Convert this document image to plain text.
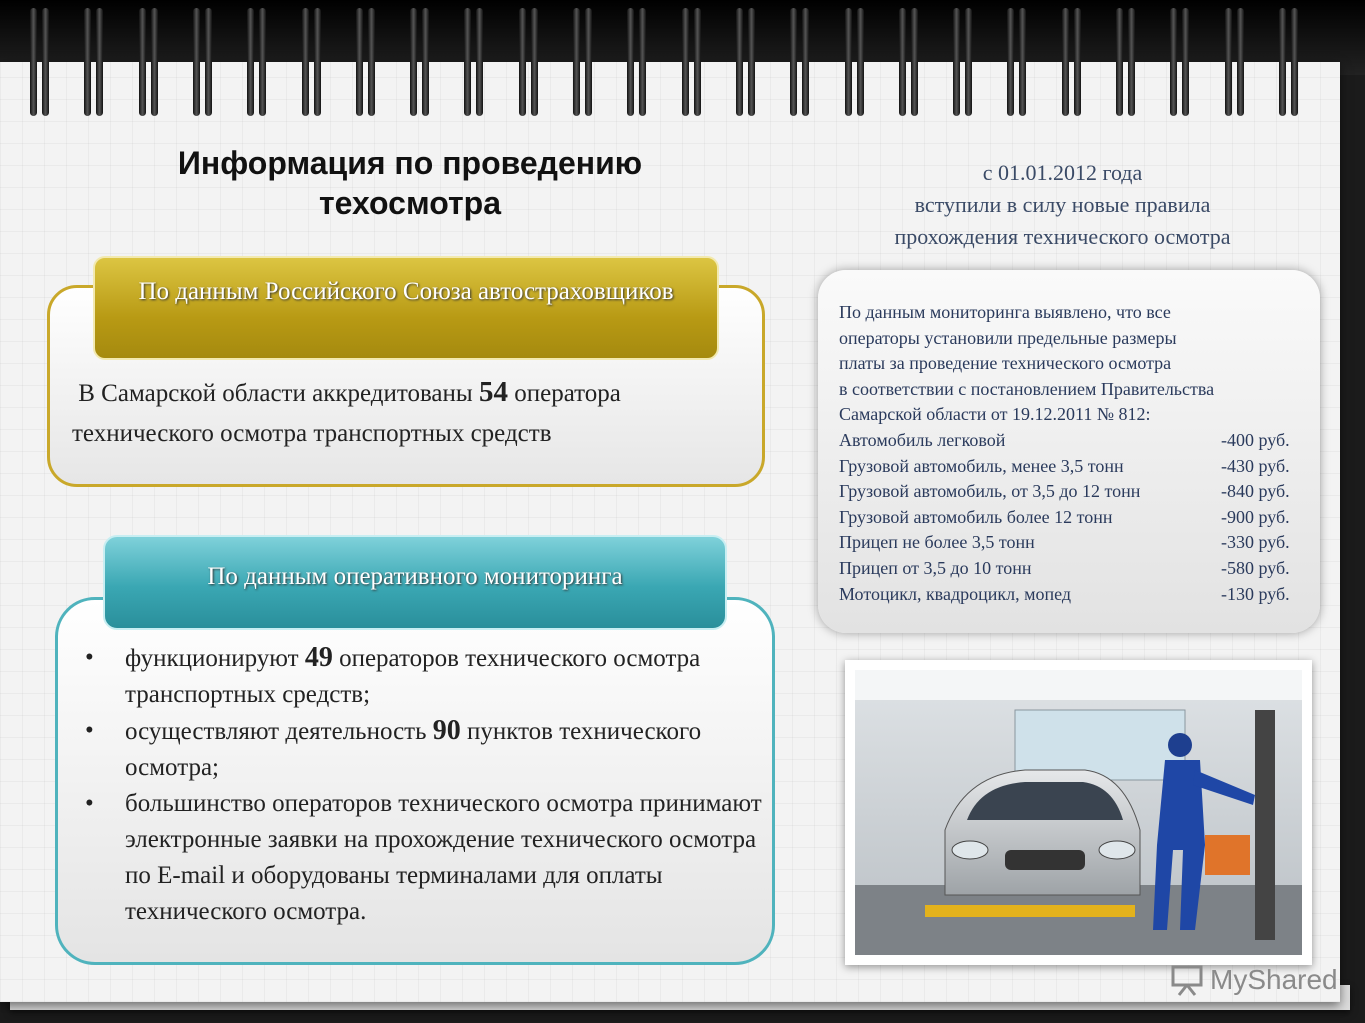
Информация по проведению техосмотра
с 01.01.2012 года
вступили в силу новые правила
прохождения технического осмотра
По данным Российского Союза автостраховщиков
В Самарской области аккредитованы 54 оператора технического осмотра транспортных средств
По данным оперативного мониторинга
• функционируют 49 операторов технического осмотра транспортных средств;
• осуществляют деятельность 90 пунктов технического осмотра;
• большинство операторов технического осмотра принимают электронные заявки на прохождение технического осмотра по E-mail и оборудованы терминалами для оплаты технического осмотра.

По данным мониторинга выявлено, что все

операторы установили предельные размеры

платы за проведение технического осмотра

в соответствии с постановлением Правительства

Самарской области от 19.12.2011 № 812:

Автомобиль легковой	-400 руб.
Грузовой автомобиль, менее 3,5 тонн	-430 руб.
Грузовой автомобиль, от 3,5 до 12 тонн	-840 руб.
Грузовой автомобиль более 12 тонн	-900 руб.
Прицеп не более 3,5 тонн	-330 руб.
Прицеп от 3,5 до 10 тонн	-580 руб.
Мотоцикл, квадроцикл, мопед	-130 руб.
MyShared
